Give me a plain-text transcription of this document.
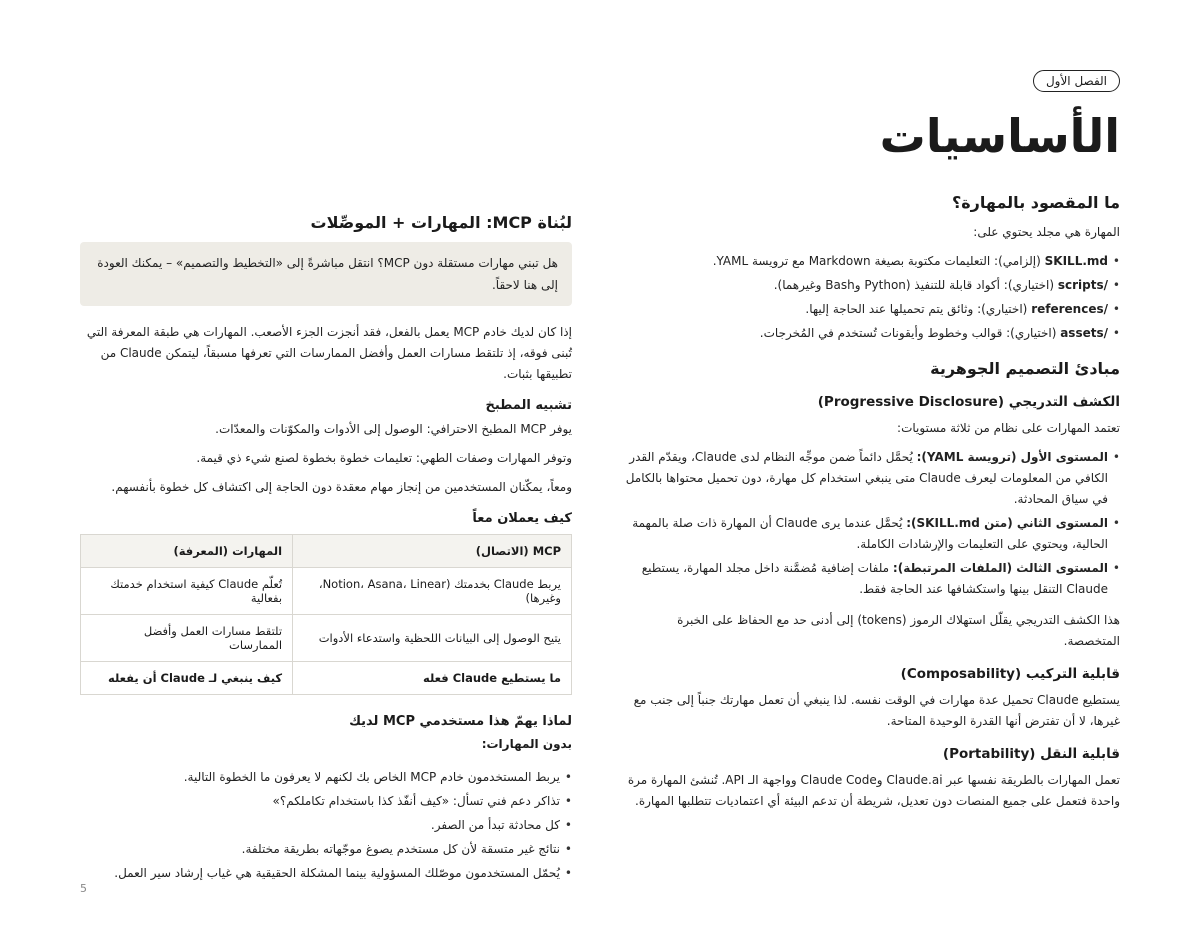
الفصل الأول
الأساسيات
ما المقصود بالمهارة؟

المهارة هي مجلد يحتوي على:

• SKILL.md (إلزامي): التعليمات مكتوبة بصيغة Markdown مع ترويسة YAML.
• /scripts (اختياري): أكواد قابلة للتنفيذ (Python وBash وغيرهما).
• /references (اختياري): وثائق يتم تحميلها عند الحاجة إليها.
• /assets (اختياري): قوالب وخطوط وأيقونات تُستخدم في المُخرجات.
مبادئ التصميم الجوهرية
الكشف التدريجي (Progressive Disclosure)

تعتمد المهارات على نظام من ثلاثة مستويات:

• المستوى الأول (ترويسة YAML): يُحمَّل دائماً ضمن موجِّه النظام لدى Claude، ويقدّم القدر الكافي من المعلومات ليعرف Claude متى ينبغي استخدام كل مهارة، دون تحميل محتواها بالكامل في سياق المحادثة.
• المستوى الثاني (متن SKILL.md): يُحمَّل عندما يرى Claude أن المهارة ذات صلة بالمهمة الحالية، ويحتوي على التعليمات والإرشادات الكاملة.
• المستوى الثالث (الملفات المرتبطة): ملفات إضافية مُضمَّنة داخل مجلد المهارة، يستطيع Claude التنقل بينها واستكشافها عند الحاجة فقط.

هذا الكشف التدريجي يقلّل استهلاك الرموز (tokens) إلى أدنى حد مع الحفاظ على الخبرة المتخصصة.

قابلية التركيب (Composability)

يستطيع Claude تحميل عدة مهارات في الوقت نفسه. لذا ينبغي أن تعمل مهارتك جنباً إلى جنب مع غيرها، لا أن تفترض أنها القدرة الوحيدة المتاحة.

قابلية النقل (Portability)

تعمل المهارات بالطريقة نفسها عبر Claude.ai وClaude Code وواجهة الـ API. تُنشئ المهارة مرة واحدة فتعمل على جميع المنصات دون تعديل، شريطة أن تدعم البيئة أي اعتماديات تتطلبها المهارة.

لبُناة MCP: المهارات + الموصِّلات
هل تبني مهارات مستقلة دون MCP؟ انتقل مباشرةً إلى «التخطيط والتصميم» – يمكنك العودة إلى هنا لاحقاً.

إذا كان لديك خادم MCP يعمل بالفعل، فقد أنجزت الجزء الأصعب. المهارات هي طبقة المعرفة التي تُبنى فوقه، إذ تلتقط مسارات العمل وأفضل الممارسات التي تعرفها مسبقاً، ليتمكن Claude من تطبيقها بثبات.

تشبيه المطبخ

يوفر MCP المطبخ الاحترافي: الوصول إلى الأدوات والمكوّنات والمعدّات.

وتوفر المهارات وصفات الطهي: تعليمات خطوة بخطوة لصنع شيء ذي قيمة.

ومعاً، يمكّنان المستخدمين من إنجاز مهام معقدة دون الحاجة إلى اكتشاف كل خطوة بأنفسهم.

كيف يعملان معاً
MCP (الاتصال)	المهارات (المعرفة)
يربط Claude بخدمتك (Notion، Asana، Linear، وغيرها)	تُعلّم Claude كيفية استخدام خدمتك بفعالية
يتيح الوصول إلى البيانات اللحظية واستدعاء الأدوات	تلتقط مسارات العمل وأفضل الممارسات
ما يستطيع Claude فعله	كيف ينبغي لـ Claude أن يفعله
لماذا يهمّ هذا مستخدمي MCP لديك
بدون المهارات:
• يربط المستخدمون خادم MCP الخاص بك لكنهم لا يعرفون ما الخطوة التالية.
• تذاكر دعم فني تسأل: «كيف أنفّذ كذا باستخدام تكاملكم؟»
• كل محادثة تبدأ من الصفر.
• نتائج غير متسقة لأن كل مستخدم يصوغ موجّهاته بطريقة مختلفة.
• يُحمّل المستخدمون موصّلك المسؤولية بينما المشكلة الحقيقية هي غياب إرشاد سير العمل.
5
